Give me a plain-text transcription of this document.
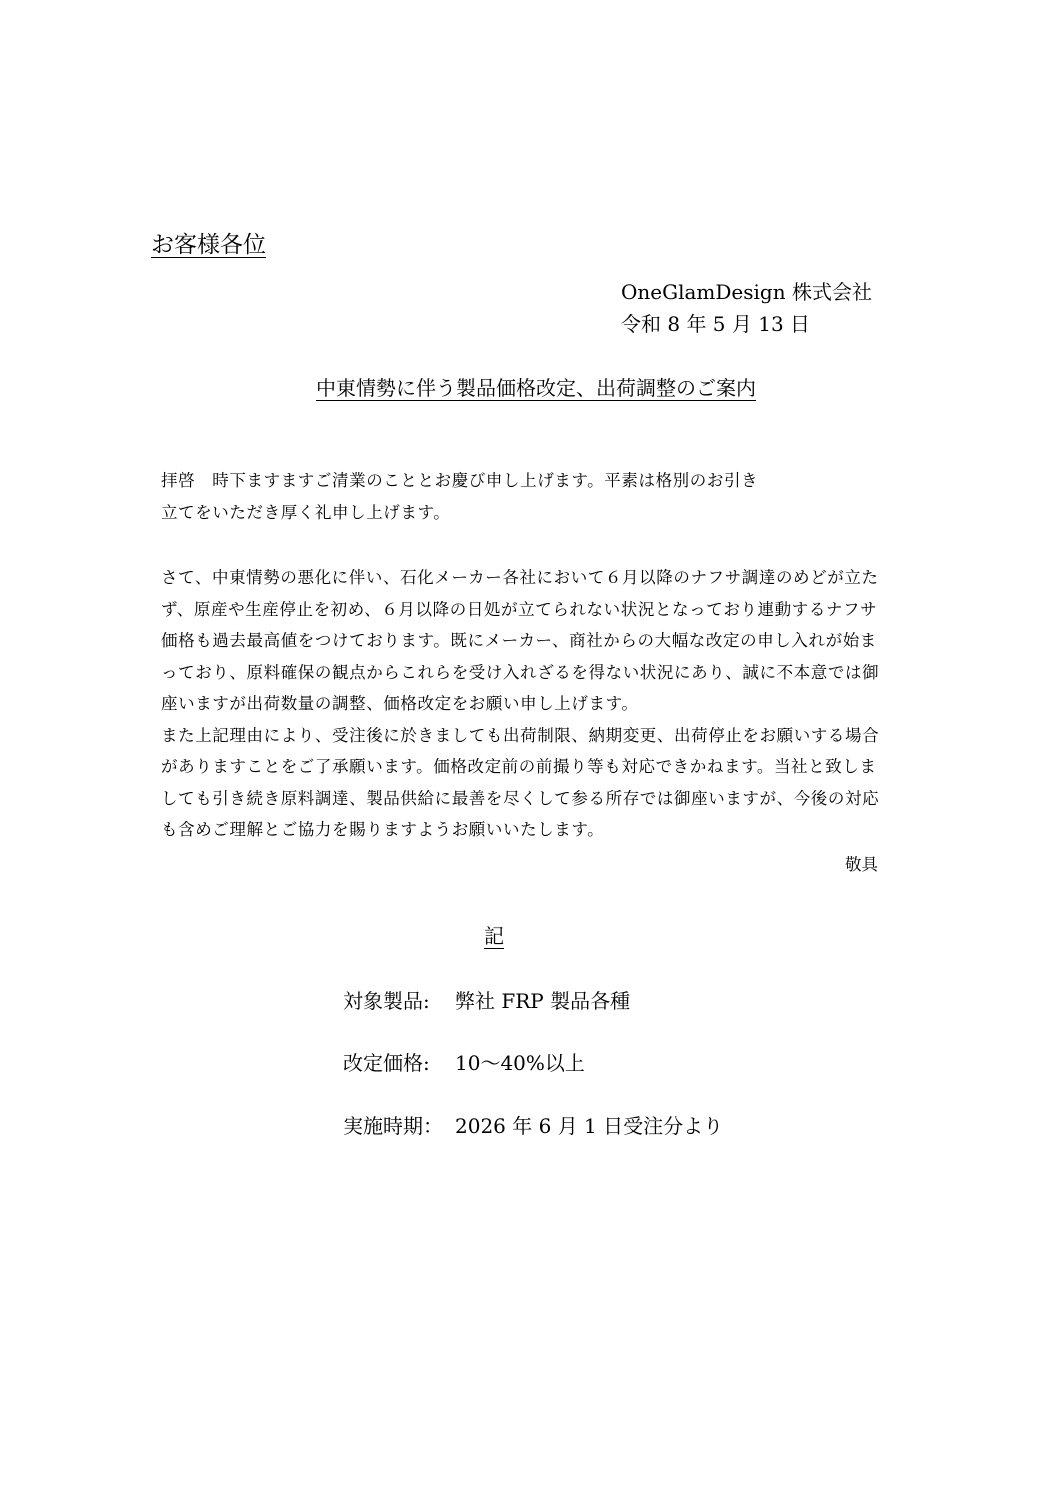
お客様各位
OneGlamDesign 株式会社
令和 8 年 5 月 13 日
中東情勢に伴う製品価格改定、出荷調整のご案内
拝啓　時下ますますご清業のこととお慶び申し上げます。平素は格別のお引き
立てをいただき厚く礼申し上げます。
さて、中東情勢の悪化に伴い、石化メーカー各社において６月以降のナフサ調達のめどが立た
ず、原産や生産停止を初め、６月以降の日処が立てられない状況となっており連動するナフサ
価格も過去最高値をつけております。既にメーカー、商社からの大幅な改定の申し入れが始ま
っており、原料確保の観点からこれらを受け入れざるを得ない状況にあり、誠に不本意では御
座いますが出荷数量の調整、価格改定をお願い申し上げます。
また上記理由により、受注後に於きましても出荷制限、納期変更、出荷停止をお願いする場合
がありますことをご了承願います。価格改定前の前撮り等も対応できかねます。当社と致しま
しても引き続き原料調達、製品供給に最善を尽くして参る所存では御座いますが、今後の対応
も含めご理解とご協力を賜りますようお願いいたします。
敬具
記
対象製品: 弊社 FRP 製品各種
改定価格: 10～40%以上
実施時期： 2026 年 6 月 1 日受注分より
